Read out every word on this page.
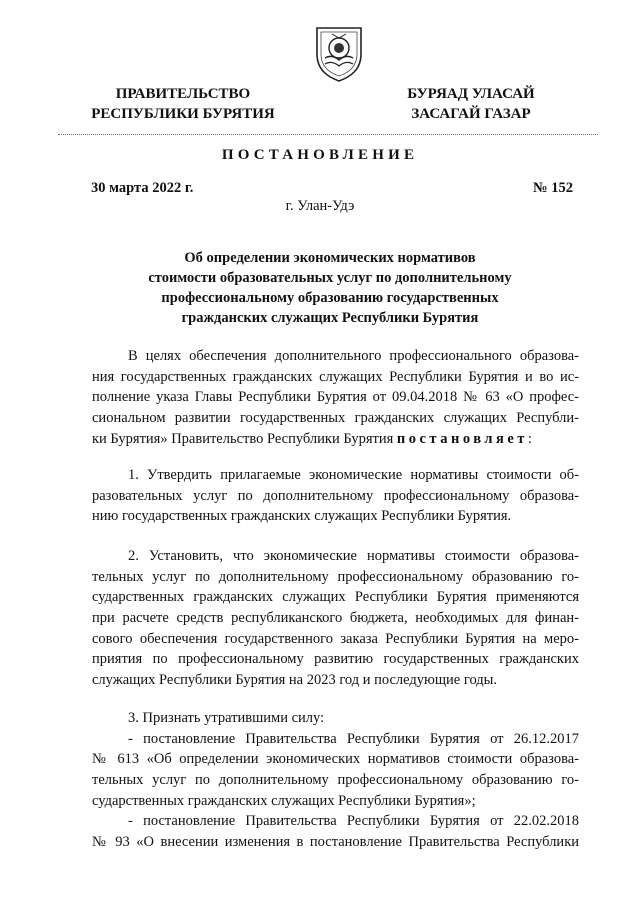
ПРАВИТЕЛЬСТВО
РЕСПУБЛИКИ БУРЯТИЯ
БУРЯАД УЛАСАЙ
ЗАСАГАЙ ГАЗАР
ПОСТАНОВЛЕНИЕ
30 марта 2022 г.	№ 152
г. Улан-Удэ
Об определении экономических нормативов
стоимости образовательных услуг по дополнительному
профессиональному образованию государственных
гражданских служащих Республики Бурятия
В целях обеспечения дополнительного профессионального образова-
ния государственных гражданских служащих Республики Бурятия и во ис-
полнение указа Главы Республики Бурятия от 09.04.2018 № 63 «О профес-
сиональном развитии государственных гражданских служащих Республи-
ки Бурятия» Правительство Республики Бурятия постановляет:
1. Утвердить прилагаемые экономические нормативы стоимости об-
разовательных услуг по дополнительному профессиональному образова-
нию государственных гражданских служащих Республики Бурятия.
2. Установить, что экономические нормативы стоимости образова-
тельных услуг по дополнительному профессиональному образованию го-
сударственных гражданских служащих Республики Бурятия применяются
при расчете средств республиканского бюджета, необходимых для финан-
сового обеспечения государственного заказа Республики Бурятия на меро-
приятия по профессиональному развитию государственных гражданских
служащих Республики Бурятия на 2023 год и последующие годы.
3. Признать утратившими силу:
- постановление Правительства Республики Бурятия от 26.12.2017
№ 613 «Об определении экономических нормативов стоимости образова-
тельных услуг по дополнительному профессиональному образованию го-
сударственных гражданских служащих Республики Бурятия»;
- постановление Правительства Республики Бурятия от 22.02.2018
№ 93 «О внесении изменения в постановление Правительства Республики
